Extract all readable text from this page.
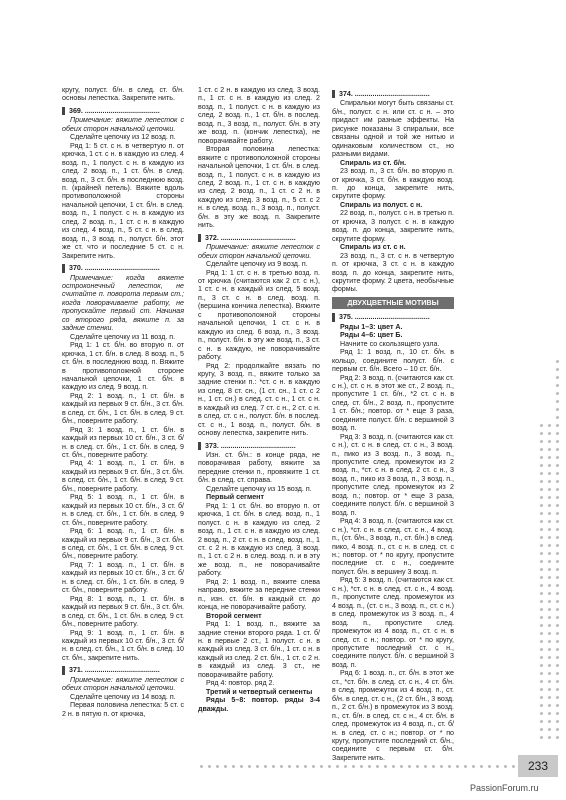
кругу, полуст. б/н. в след. ст. б/н. основы лепестка. Закрепите нить.

369. ......................................

Примечание: вяжите лепесток с обеих сторон начальной цепочки.

Сделайте цепочку из 12 возд. п.

Ряд 1: 5 ст. с н. в четвертую п. от крючка, 1 ст. с н. в каждую из след. 4 возд. п., 1 полуст. с н. в каждую из след. 2 возд. п., 1 ст. б/н. в след. возд. п., 3 ст. б/н. в последнюю возд. п. (крайней петель). Вяжите вдоль противоположной стороны начальной цепочки, 1 ст. б/н. в след. возд. п., 1 полуст. с н. в каждую из след. 2 возд. п., 1 ст. с н. в каждую из след. 4 возд. п., 5 ст. с н. в след. возд. п., 3 возд. п., полуст. б/н. этот же ст. что и последние 5 ст. с н. Закрепите нить.

370. ......................................

Примечание: когда вяжете остроконечный лепесток, не считайте п. поворота первым ст.; когда поворачиваете работу, не пропускайте первый ст. Начиная со второго ряда, вяжите п. за задние стенки.

Сделайте цепочку из 11 возд. п.

Ряд 1: 1 ст. б/н. во вторую п. от крючка, 1 ст. б/н. в след. 8 возд. п., 5 ст. б/н. в последнюю возд. п. Вяжите в противоположной стороне начальной цепочки, 1 ст. б/н. в каждую из след. 9 возд. п.

Ряд 2: 1 возд. п., 1 ст. б/н. в каждый из первых 9 ст. б/н., 3 ст. б/н. в след. ст. б/н., 1 ст. б/н. в след. 9 ст. б/н., поверните работу.

Ряд 3: 1 возд. п., 1 ст. б/н. в каждый из первых 10 ст. б/н., 3 ст. б/н. в след. ст. б/н., 1 ст. б/н. в след. 9 ст. б/н., поверните работу.

Ряд 4: 1 возд. п., 1 ст. б/н. в каждый из первых 9 ст. б/н., 3 ст. б/н. в след. ст. б/н., 1 ст. б/н. в след. 9 ст. б/н., поверните работу.

Ряд 5: 1 возд. п., 1 ст. б/н. в каждый из первых 10 ст. б/н., 3 ст. б/н. в след. ст. б/н., 1 ст. б/н. в след. 9 ст. б/н., поверните работу.

Ряд 6: 1 возд. п., 1 ст. б/н. в каждый из первых 9 ст. б/н., 3 ст. б/н. в след. ст. б/н., 1 ст. б/н. в след. 9 ст. б/н., поверните работу.

Ряд 7: 1 возд. п., 1 ст. б/н. в каждый из первых 10 ст. б/н., 3 ст. б/н. в след. ст. б/н., 1 ст. б/н. в след. 9 ст. б/н., поверните работу.

Ряд 8: 1 возд. п., 1 ст. б/н. в каждый из первых 9 ст. б/н., 3 ст. б/н. в след. ст. б/н., 1 ст. б/н. в след. 9 ст. б/н., поверните работу.

Ряд 9: 1 возд. п., 1 ст. б/н. в каждый из первых 10 ст. б/н., 3 ст. б/н. в след. ст. б/н., 1 ст. б/н. в след. 10 ст. б/н., закрепите нить.

371. ......................................

Примечание: вяжите лепесток с обеих сторон начальной цепочки.

Сделайте цепочку из 14 возд. п.

Первая половина лепестка: 5 ст. с 2 н. в пятую п. от крючка,

1 ст. с 2 н. в каждую из след. 3 возд. п., 1 ст. с н. в каждую из след. 2 возд. п., 1 полуст. с н. в каждую из след. 2 возд. п., 1 ст. б/н. в послед. возд. п., 3 возд. п., полуст. б/н. в эту же возд. п. (кончик лепестка), не поворачивайте работу.

Вторая половина лепестка: вяжите с противоположной стороны начальной цепочки, 1 ст. б/н. в след. возд. п., 1 полуст. с н. в каждую из след. 2 возд. п., 1 ст. с н. в каждую из след. 2 возд. п., 1 ст. с 2 н. в каждую из след. 3 возд. п., 5 ст. с 2 н. в след. возд. п., 3 возд. п., полуст. б/н. в эту же возд. п. Закрепите нить.

372. ......................................

Примечание: вяжите лепесток с обеих сторон начальной цепочки.

Сделайте цепочку из 9 возд. п.

Ряд 1: 1 ст. с н. в третью возд. п. от крючка (считаются как 2 ст. с н.), 1 ст. с н. в каждый из след. 5 возд. п., 3 ст. с н. в след. возд. п. (вершина кончика лепестка). Вяжите с противоположной стороны начальной цепочки, 1 ст. с н. в каждую из след. 6 возд. п., 3 возд. п., полуст. б/н. в эту же возд. п., 3 ст. с н. в каждую, не поворачивайте работу.

Ряд 2: продолжайте вязать по кругу, 3 возд. п., вяжите только за задние стенки п.: *ст. с н. в каждую из след. 8 ст. сн., (1 ст. сн., 1 ст. с 2 н., 1 ст. сн.) в след. ст. с н., 1 ст. с н. в каждый из след. 7 ст. с н., 2 ст. с н. в след. ст. с н., полуст. б/н. в послед. ст. с н., 1 возд. п., полуст. б/н. в основу лепестка, закрепите нить.

373. ......................................

Изн. ст. б/н.: в конце ряда, не поворачивая работу, вяжите за передние стенки п., провяжите 1 ст. б/н. в след. ст. справа.

Сделайте цепочку из 15 возд. п.

Первый сегмент

Ряд 1: 1 ст. б/н. во вторую п. от крючка, 1 ст. б/н. в след. возд. п., 1 полуст. с н. в каждую из след. 2 возд. п., 1 ст. с н. в каждую из след. 2 возд. п., 2 ст. с н. в след. возд. п., 1 ст. с 2 н. в каждую из след. 3 возд. п., 1 ст. с 2 н. в след. возд. п. и в эту же возд. п., не поворачивайте работу.

Ряд 2: 1 возд. п., вяжите слева направо, вяжите за передние стенки п., изн. ст. б/н. в каждый ст. до конца, не поворачивайте работу.

Второй сегмент

Ряд 1: 1 возд. п., вяжите за задние стенки второго ряда. 1 ст. б/н. в первые 2 ст., 1 полуст. с н. в каждый из след. 3 ст. б/н., 1 ст. с н. в каждый из след. 2 ст. б/н., 1 ст. с 2 н. в каждый из след. 3 ст., не поворачивайте работу.

Ряд 4: повтор. ряд 2.

Третий и четвертый сегменты

Ряды 5–8: повтор. ряды 3-4 дважды.

374. ......................................

Спиральки могут быть связаны ст. б/н., полуст. с н. или ст. с н. – это придаст им разные эффекты. На рисунке показаны 3 спиральки, все связаны одной и той же нитью и одинаковым количеством ст., но разными видами.

Спираль из ст. б/н.

23 возд. п., 3 ст. б/н. во вторую п. от крючка, 3 ст. б/н. в каждую возд. п. до конца, закрепите нить, скрутите форму.

Спираль из полуст. с н.

22 возд. п., полуст. с н. в третью п. от крючка, 3 полуст. с н. в каждую возд. п. до конца, закрепите нить, скрутите форму.

Спираль из ст. с н.

23 возд. п., 3 ст. с н. в четвертую п. от крючка, 3 ст. с н. в каждую возд. п. до конца, закрепите нить, скрутите форму. 2 цвета, необычные формы.

ДВУХЦВЕТНЫЕ МОТИВЫ

375. ......................................

Ряды 1–3: цвет А.

Ряды 4–6: цвет Б.

Начните со скользящего узла.

Ряд 1: 1 возд. п., 10 ст. б/н. в кольцо, соедините полуст. б/н. с первым ст. б/н. Всего – 10 ст. б/н.

Ряд 2: 3 возд. п. (считаются как ст. с н.), ст. с н. в этот же ст., 2 возд. п., пропустите 1 ст. б/н., *2 ст. с н. в след. ст. б/н., 2 возд. п., пропустите 1 ст. б/н.; повтор. от * еще 3 раза, соедините полуст. б/н. с вершиной 3 возд. п.

Ряд 3: 3 возд. п. (считаются как ст. с н.), ст. с н. в след. ст. с н., 3 возд. п., пико из 3 возд. п., 3 возд. п., пропустите след. промежуток из 2 возд. п., *ст. с н. в след. 2 ст. с н., 3 возд. п., пико из 3 возд. п., 3 возд. п., пропустите след. промежуток из 2 возд. п.; повтор. от * еще 3 раза, соедините полуст. б/н. с вершиной 3 возд. п.

Ряд 4: 3 возд. п. (считаются как ст. с н.), *ст. с н. в след. ст. с н., 4 возд. п., (ст. б/н., 3 возд. п., ст. б/н.) в след. пико, 4 возд. п., ст. с н. в след. ст. с н.; повтор. от * по кругу, пропустите последние ст. с н., соедините полуст. б/н. в вершину 3 возд. п.

Ряд 5: 3 возд. п. (считаются как ст. с н.), *ст. с н. в след. ст. с н., 4 возд. п., пропустите след. промежуток из 4 возд. п., (ст. с н., 3 возд. п., ст. с н.) в след. промежуток из 3 возд. п., 4 возд. п., пропустите след. промежуток из 4 возд. п., ст. с н. в след. ст. с н.; повтор. от * по кругу, пропустите последний ст. с н., соедините полуст. б/н. с вершиной 3 возд. п.

Ряд 6: 1 возд. п., ст. б/н. в этот же ст., *ст. б/н. в след. ст. с н., 4 ст. б/н. в след. промежуток из 4 возд. п., ст. б/н. в след. ст. с н., (2 ст. б/н., 3 возд. п., 2 ст. б/н.) в промежуток из 3 возд. п., ст. б/н. в след. ст. с н., 4 ст. б/н. в след. промежуток из 4 возд. п., ст. б/н. в след. ст. с н.; повтор. от * по кругу, пропустите последний ст. б/н., соедините с первым ст. б/н. Закрепите нить.

233
PassionForum.ru
